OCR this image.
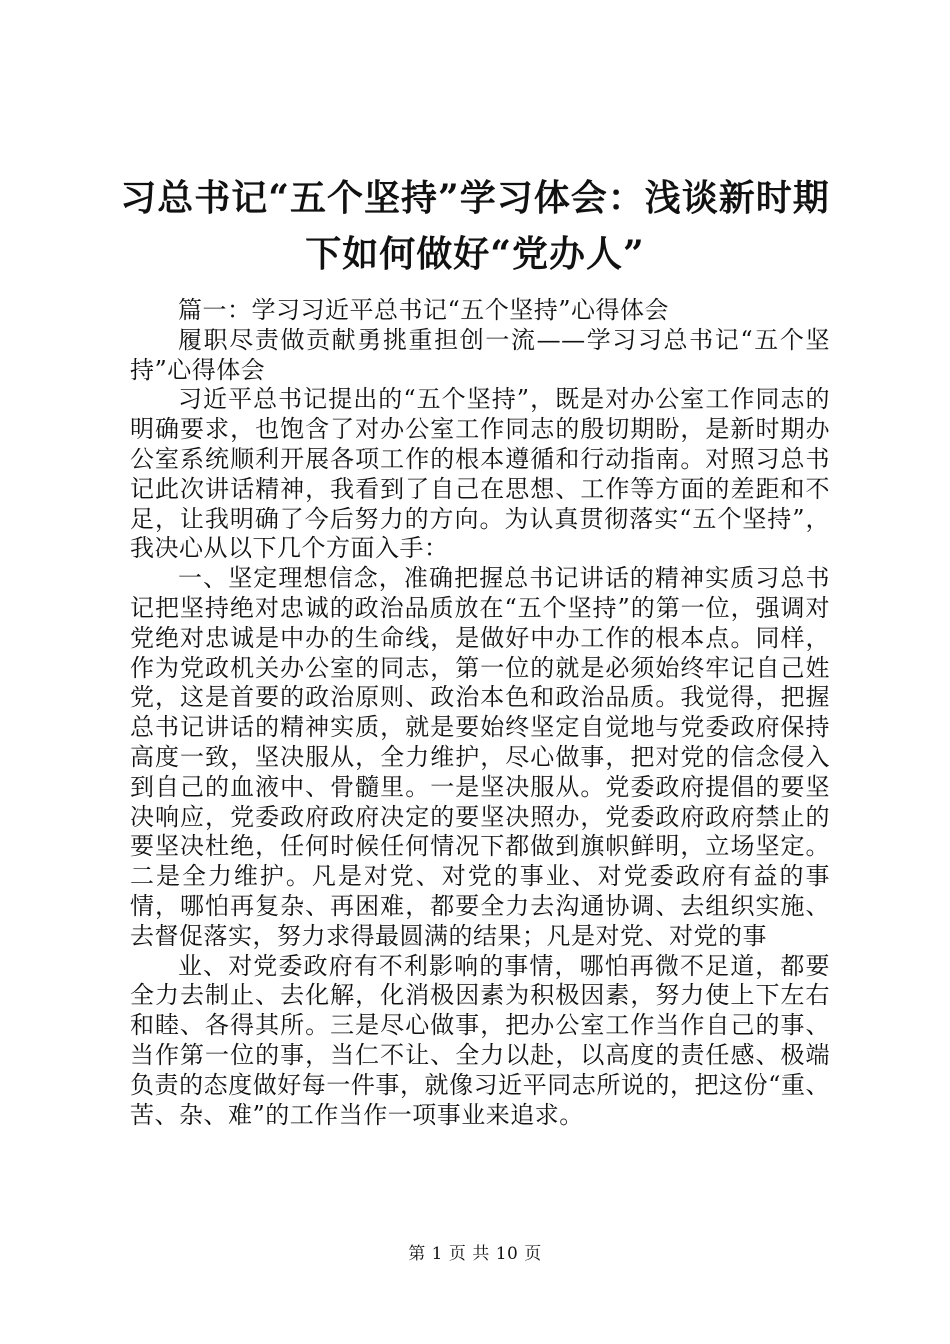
习总书记“五个坚持”学习体会：浅谈新时期
下如何做好“党办人”

篇一：学习习近平总书记“五个坚持”心得体会

履职尽责做贡献勇挑重担创一流——学习习总书记“五个坚持”心得体会

习近平总书记提出的“五个坚持”，既是对办公室工作同志的明确要求，也饱含了对办公室工作同志的殷切期盼，是新时期办公室系统顺利开展各项工作的根本遵循和行动指南。对照习总书记此次讲话精神，我看到了自己在思想、工作等方面的差距和不足，让我明确了今后努力的方向。为认真贯彻落实“五个坚持”，我决心从以下几个方面入手：

一、坚定理想信念，准确把握总书记讲话的精神实质习总书记把坚持绝对忠诚的政治品质放在“五个坚持”的第一位，强调对党绝对忠诚是中办的生命线，是做好中办工作的根本点。同样，作为党政机关办公室的同志，第一位的就是必须始终牢记自己姓党，这是首要的政治原则、政治本色和政治品质。我觉得，把握总书记讲话的精神实质，就是要始终坚定自觉地与党委政府保持高度一致，坚决服从，全力维护，尽心做事，把对党的信念侵入到自己的血液中、骨髓里。一是坚决服从。党委政府提倡的要坚决响应，党委政府政府决定的要坚决照办，党委政府政府禁止的要坚决杜绝，任何时候任何情况下都做到旗帜鲜明，立场坚定。二是全力维护。凡是对党、对党的事业、对党委政府有益的事情，哪怕再复杂、再困难，都要全力去沟通协调、去组织实施、去督促落实，努力求得最圆满的结果；凡是对党、对党的事

业、对党委政府有不利影响的事情，哪怕再微不足道，都要全力去制止、去化解，化消极因素为积极因素，努力使上下左右和睦、各得其所。三是尽心做事，把办公室工作当作自己的事、当作第一位的事，当仁不让、全力以赴，以高度的责任感、极端负责的态度做好每一件事，就像习近平同志所说的，把这份“重、苦、杂、难”的工作当作一项事业来追求。

第 1 页 共 10 页
